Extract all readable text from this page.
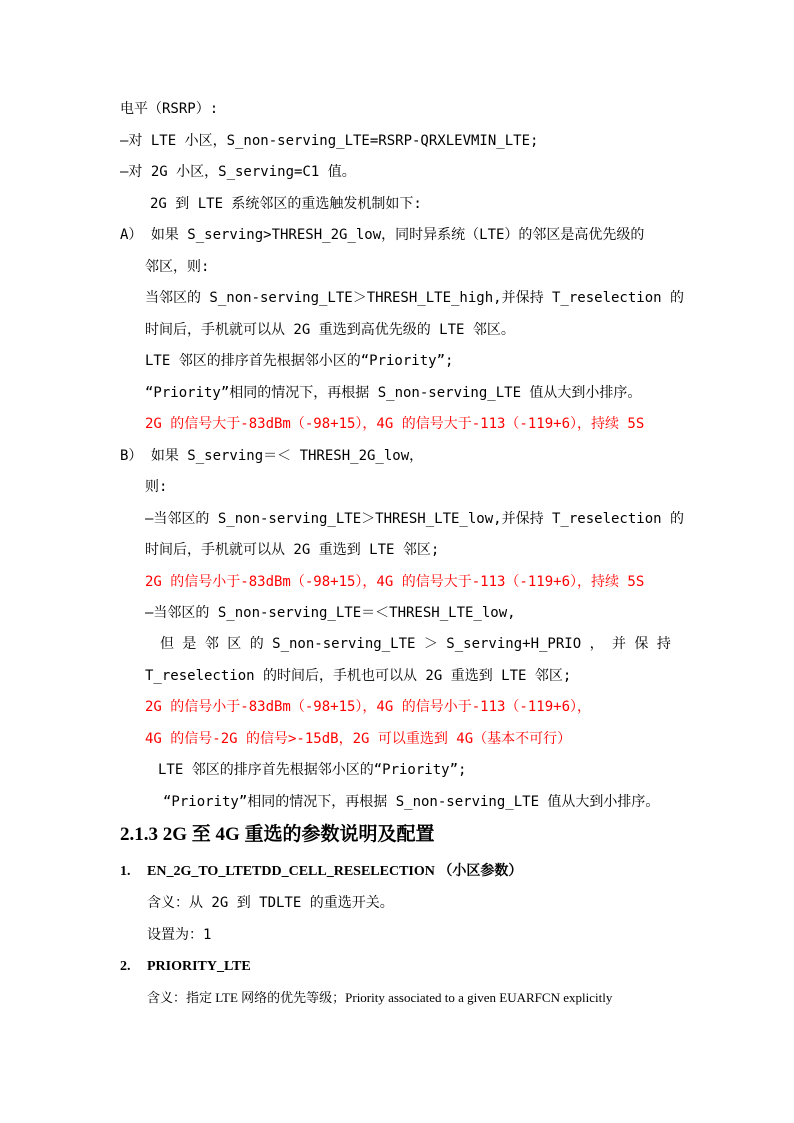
电平（RSRP）:
—对 LTE 小区，S_non-serving_LTE=RSRP-QRXLEVMIN_LTE;
—对 2G 小区，S_serving=C1 值。
2G 到 LTE 系统邻区的重选触发机制如下:
A） 如果 S_serving>THRESH_2G_low，同时异系统（LTE）的邻区是高优先级的
邻区，则:
当邻区的 S_non-serving_LTE＞THRESH_LTE_high,并保持 T_reselection 的
时间后，手机就可以从 2G 重选到高优先级的 LTE 邻区。
LTE 邻区的排序首先根据邻小区的“Priority”;
“Priority”相同的情况下，再根据 S_non-serving_LTE 值从大到小排序。
2G 的信号大于-83dBm（-98+15），4G 的信号大于-113（-119+6），持续 5S
B） 如果 S_serving＝＜ THRESH_2G_low，
则:
—当邻区的 S_non-serving_LTE＞THRESH_LTE_low,并保持 T_reselection 的
时间后，手机就可以从 2G 重选到 LTE 邻区;
2G 的信号小于-83dBm（-98+15），4G 的信号大于-113（-119+6），持续 5S
—当邻区的 S_non-serving_LTE＝＜THRESH_LTE_low,
但 是 邻 区 的 S_non-serving_LTE ＞ S_serving+H_PRIO ， 并 保 持
T_reselection 的时间后，手机也可以从 2G 重选到 LTE 邻区;
2G 的信号小于-83dBm（-98+15），4G 的信号小于-113（-119+6），
4G 的信号-2G 的信号>-15dB，2G 可以重选到 4G（基本不可行）
LTE 邻区的排序首先根据邻小区的“Priority”;
“Priority”相同的情况下，再根据 S_non-serving_LTE 值从大到小排序。
2.1.3 2G 至 4G 重选的参数说明及配置
1. EN_2G_TO_LTETDD_CELL_RESELECTION （小区参数）
含义：从 2G 到 TDLTE 的重选开关。
设置为：1
2. PRIORITY_LTE
含义：指定 LTE 网络的优先等级；Priority associated to a given EUARFCN explicitly
